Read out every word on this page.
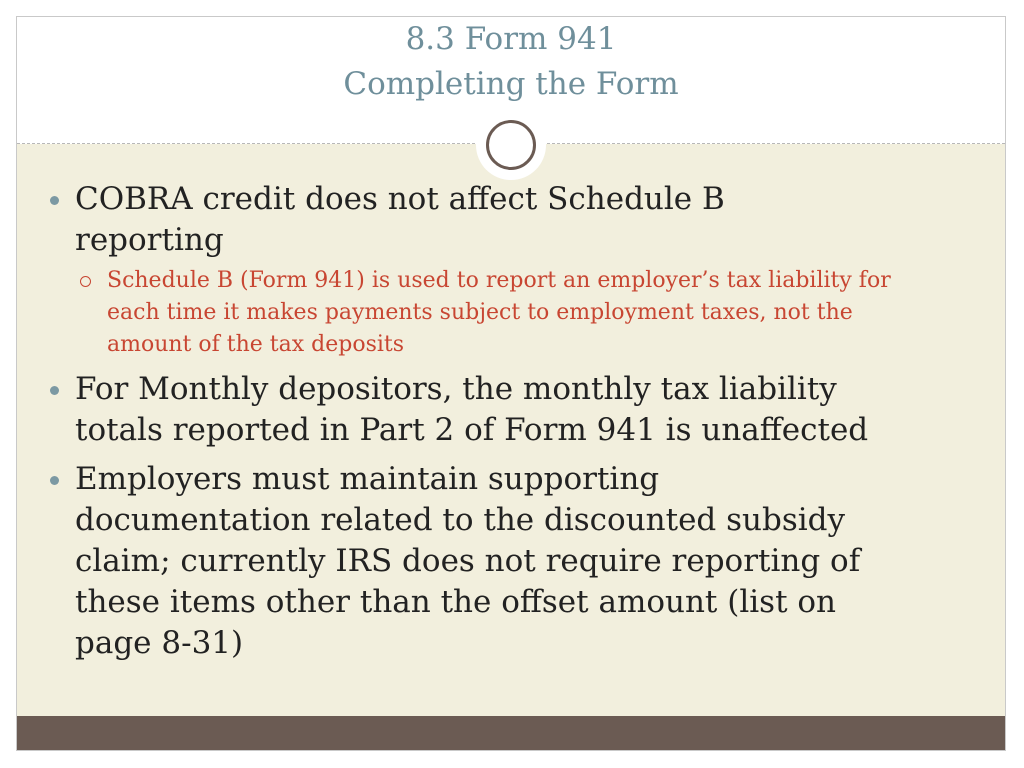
8.3 Form 941
Completing the Form
COBRA credit does not affect Schedule B reporting
Schedule B (Form 941) is used to report an employer’s tax liability for each time it makes payments subject to employment taxes, not the amount of the tax deposits
For Monthly depositors, the monthly tax liability totals reported in Part 2 of Form 941 is unaffected
Employers must maintain supporting documentation related to the discounted subsidy claim; currently IRS does not require reporting of these items other than the offset amount (list on page 8-31)
